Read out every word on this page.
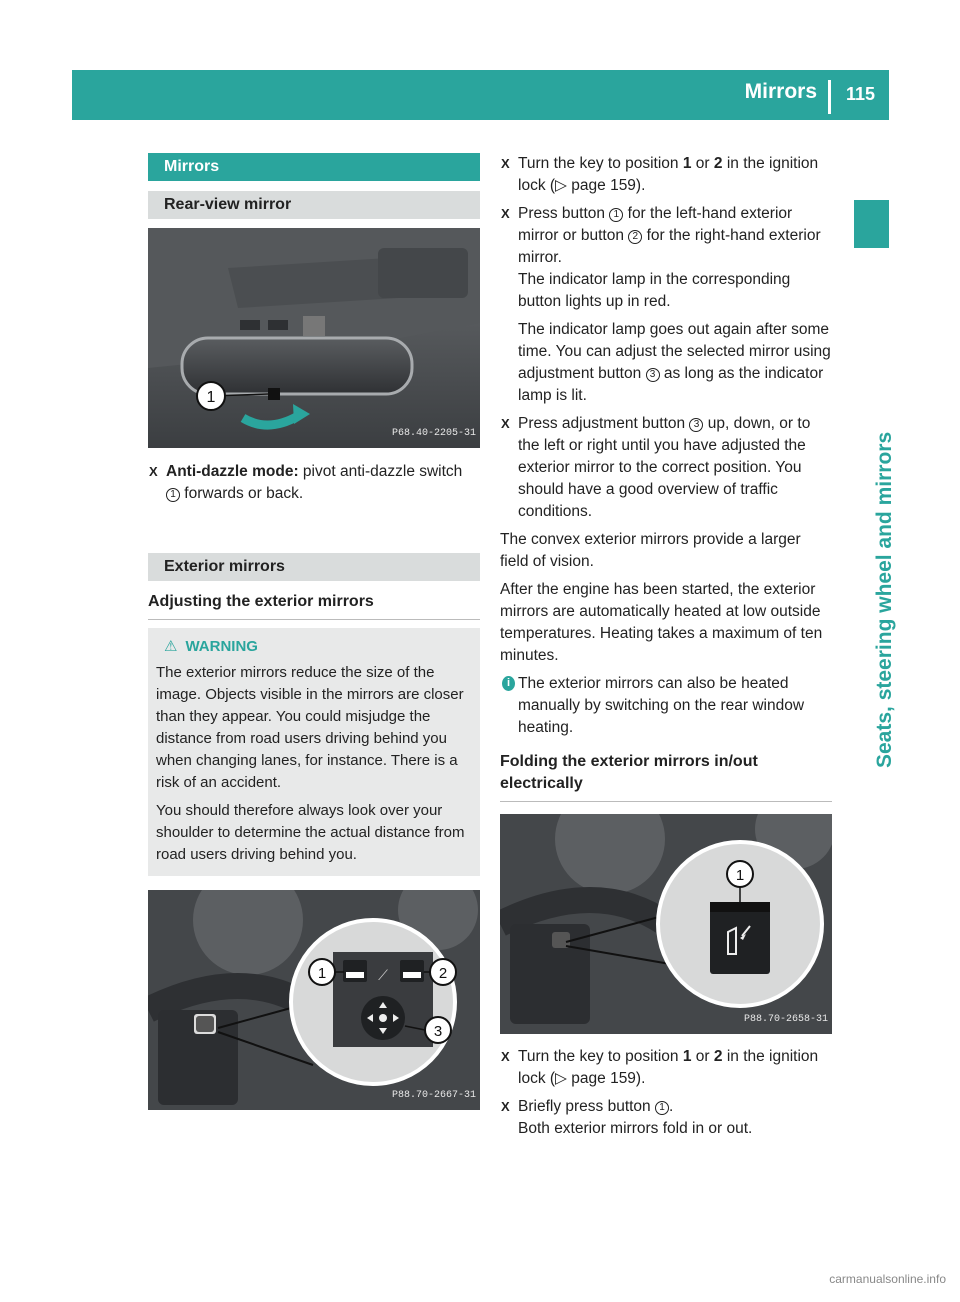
Mirrors 115
Seats, steering wheel and mirrors
Mirrors
Rear-view mirror
1
P68.40-2205-31
X Anti-dazzle mode: pivot anti-dazzle switch 1 forwards or back.
Exterior mirrors
Adjusting the exterior mirrors
⚠ WARNING

The exterior mirrors reduce the size of the image. Objects visible in the mirrors are closer than they appear. You could misjudge the distance from road users driving behind you when changing lanes, for instance. There is a risk of an accident.

You should therefore always look over your shoulder to determine the actual distance from road users driving behind you.

⟋
1	2
3
P88.70-2667-31
X Turn the key to position 1 or 2 in the ignition lock (▷ page 159).
X Press button 1 for the left-hand exterior mirror or button 2 for the right-hand exterior mirror.
The indicator lamp in the corresponding button lights up in red.
The indicator lamp goes out again after some time. You can adjust the selected mirror using adjustment button 3 as long as the indicator lamp is lit.
X Press adjustment button 3 up, down, or to the left or right until you have adjusted the exterior mirror to the correct position. You should have a good overview of traffic conditions.

The convex exterior mirrors provide a larger field of vision.

After the engine has been started, the exterior mirrors are automatically heated at low outside temperatures. Heating takes a maximum of ten minutes.

i The exterior mirrors can also be heated manually by switching on the rear window heating.
Folding the exterior mirrors in/out electrically
1
P88.70-2658-31
X Turn the key to position 1 or 2 in the ignition lock (▷ page 159).
X Briefly press button 1 .
Both exterior mirrors fold in or out.
carmanualsonline.info
